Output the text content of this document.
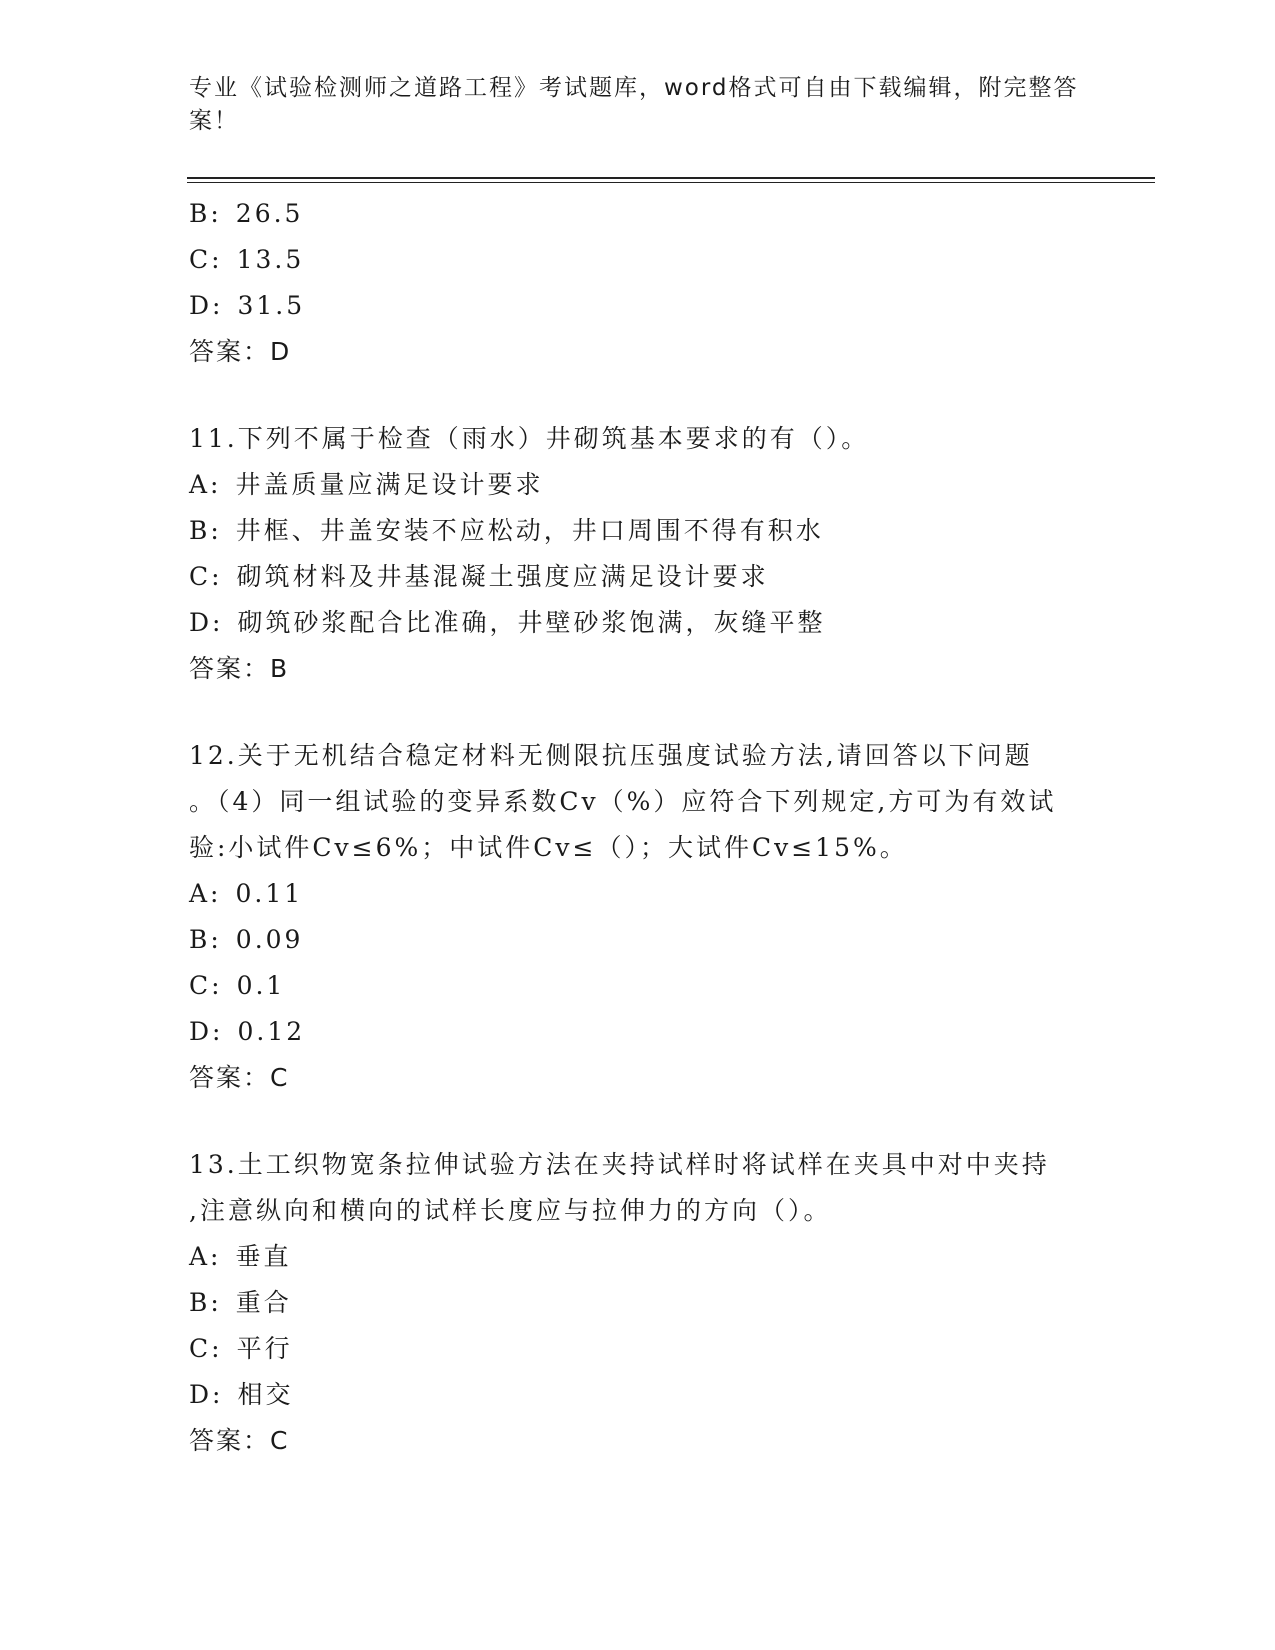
专业《试验检测师之道路工程》考试题库，word格式可自由下载编辑，附完整答
案！
B: 26.5
C: 13.5
D: 31.5
答案：D
11.下列不属于检查（雨水）井砌筑基本要求的有（）。
A: 井盖质量应满足设计要求
B: 井框、井盖安装不应松动，井口周围不得有积水
C: 砌筑材料及井基混凝土强度应满足设计要求
D: 砌筑砂浆配合比准确，井壁砂浆饱满，灰缝平整
答案：B
12.关于无机结合稳定材料无侧限抗压强度试验方法,请回答以下问题
。（4）同一组试验的变异系数Cv（%）应符合下列规定,方可为有效试
验:小试件Cv≤6%；中试件Cv≤（）；大试件Cv≤15%。
A: 0.11
B: 0.09
C: 0.1
D: 0.12
答案：C
13.土工织物宽条拉伸试验方法在夹持试样时将试样在夹具中对中夹持
,注意纵向和横向的试样长度应与拉伸力的方向（）。
A: 垂直
B: 重合
C: 平行
D: 相交
答案：C
